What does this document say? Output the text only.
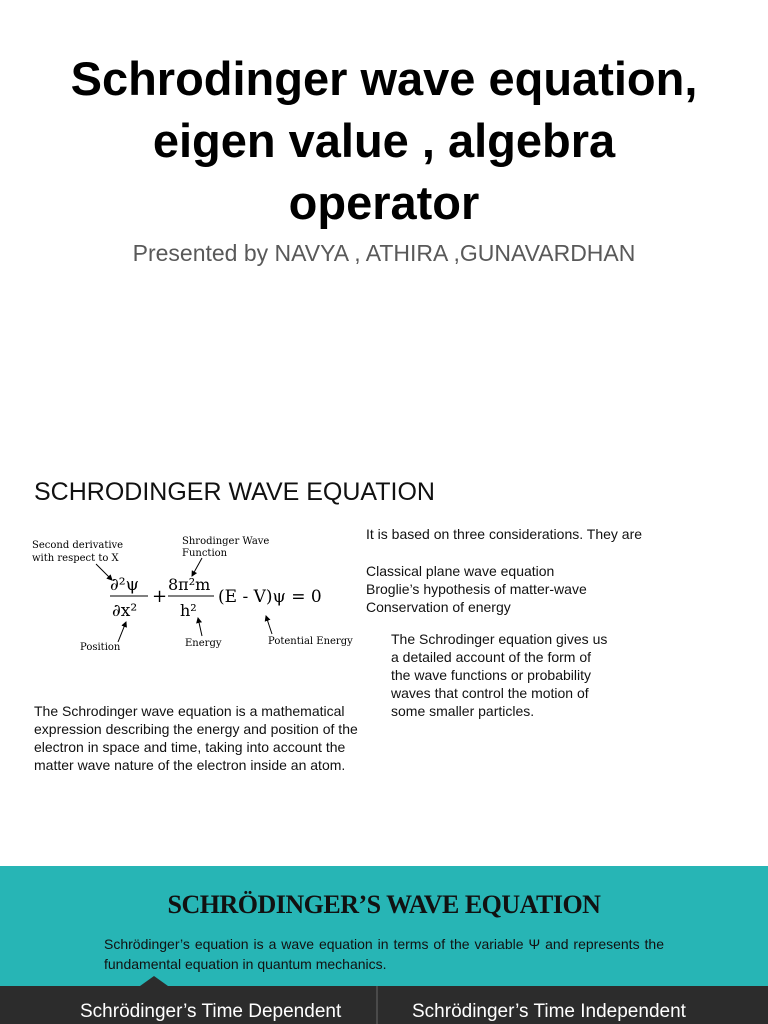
Schrodinger wave equation,
eigen value , algebra
operator
Presented by NAVYA , ATHIRA ,GUNAVARDHAN
SCHRODINGER WAVE EQUATION
Second derivative
with respect to X
Shrodinger Wave
Function
∂²ψ
∂x²
+
8π²m
h²
(E - V)ψ = 0
Position	Energy	Potential Energy
It is based on three considerations. They are
Classical plane wave equation
Broglie’s hypothesis of matter-wave
Conservation of energy
The Schrodinger equation gives us
a detailed account of the form of
the wave functions or probability
waves that control the motion of
some smaller particles.
The Schrodinger wave equation is a mathematical
expression describing the energy and position of the
electron in space and time, taking into account the
matter wave nature of the electron inside an atom.
SCHRÖDINGER’S WAVE EQUATION
Schrödinger’s equation is a wave equation in terms of the variable Ψ and represents the fundamental equation in quantum mechanics.
Schrödinger’s Time Dependent	Schrödinger’s Time Independent
